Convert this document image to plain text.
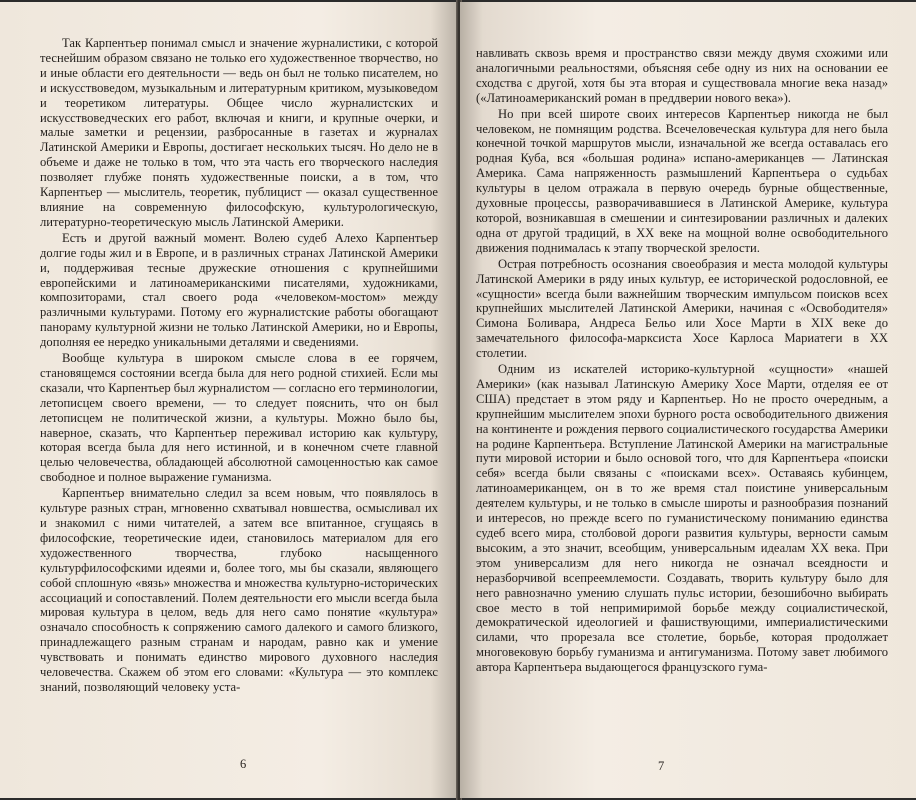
Так Карпентьер понимал смысл и значение журналистики, с которой теснейшим образом связано не только его художественное творчество, но и иные области его деятельности — ведь он был не только писателем, но и искусствоведом, музыкальным и литературным критиком, музыковедом и теоретиком литературы. Общее число журналистских и искусствоведческих его работ, включая и книги, и крупные очерки, и малые заметки и рецензии, разбросанные в газетах и журналах Латинской Америки и Европы, достигает нескольких тысяч. Но дело не в объеме и даже не только в том, что эта часть его творческого наследия позволяет глубже понять художественные поиски, а в том, что Карпентьер — мыслитель, теоретик, публицист — оказал существенное влияние на современную философскую, культурологическую, литературно-теоретическую мысль Латинской Америки.

Есть и другой важный момент. Волею судеб Алехо Карпентьер долгие годы жил и в Европе, и в различных странах Латинской Америки и, поддерживая тесные дружеские отношения с крупнейшими европейскими и латиноамериканскими писателями, художниками, композиторами, стал своего рода «человеком-мостом» между различными культурами. Потому его журналистские работы обогащают панораму культурной жизни не только Латинской Америки, но и Европы, дополняя ее нередко уникальными деталями и сведениями.

Вообще культура в широком смысле слова в ее горячем, становящемся состоянии всегда была для него родной стихией. Если мы сказали, что Карпентьер был журналистом — согласно его терминологии, летописцем своего времени, — то следует пояснить, что он был летописцем не политической жизни, а культуры. Можно было бы, наверное, сказать, что Карпентьер переживал историю как культуру, которая всегда была для него истинной, и в конечном счете главной целью человечества, обладающей абсолютной самоценностью как самое свободное и полное выражение гуманизма.

Карпентьер внимательно следил за всем новым, что появлялось в культуре разных стран, мгновенно схватывал новшества, осмысливал их и знакомил с ними читателей, а затем все впитанное, сгущаясь в философские, теоретические идеи, становилось материалом для его художественного творчества, глубоко насыщенного культурфилософскими идеями и, более того, мы бы сказали, являющего собой сплошную «вязь» множества и множества культурно-исторических ассоциаций и сопоставлений. Полем деятельности его мысли всегда была мировая культура в целом, ведь для него само понятие «культура» означало способность к сопряжению самого далекого и самого близкого, принадлежащего разным странам и народам, равно как и умение чувствовать и понимать единство мирового духовного наследия человечества. Скажем об этом его словами: «Культура — это комплекс знаний, позволяющий человеку уста-

6

навливать сквозь время и пространство связи между двумя схожими или аналогичными реальностями, объясняя себе одну из них на основании ее сходства с другой, хотя бы эта вторая и существовала многие века назад» («Латиноамериканский роман в преддверии нового века»).

Но при всей широте своих интересов Карпентьер никогда не был человеком, не помнящим родства. Всечеловеческая культура для него была конечной точкой маршрутов мысли, изначальной же всегда оставалась его родная Куба, вся «большая родина» испано-американцев — Латинская Америка. Сама напряженность размышлений Карпентьера о судьбах культуры в целом отражала в первую очередь бурные общественные, духовные процессы, разворачивавшиеся в Латинской Америке, культура которой, возникавшая в смешении и синтезировании различных и далеких одна от другой традиций, в XX веке на мощной волне освободительного движения поднималась к этапу творческой зрелости.

Острая потребность осознания своеобразия и места молодой культуры Латинской Америки в ряду иных культур, ее исторической родословной, ее «сущности» всегда были важнейшим творческим импульсом поисков всех крупнейших мыслителей Латинской Америки, начиная с «Освободителя» Симона Боливара, Андреса Бельо или Хосе Марти в XIX веке до замечательного философа-марксиста Хосе Карлоса Мариатеги в XX столетии.

Одним из искателей историко-культурной «сущности» «нашей Америки» (как называл Латинскую Америку Хосе Марти, отделяя ее от США) предстает в этом ряду и Карпентьер. Но не просто очередным, а крупнейшим мыслителем эпохи бурного роста освободительного движения на континенте и рождения первого социалистического государства Америки на родине Карпентьера. Вступление Латинской Америки на магистральные пути мировой истории и было основой того, что для Карпентьера «поиски себя» всегда были связаны с «поисками всех». Оставаясь кубинцем, латиноамериканцем, он в то же время стал поистине универсальным деятелем культуры, и не только в смысле широты и разнообразия познаний и интересов, но прежде всего по гуманистическому пониманию единства судеб всего мира, столбовой дороги развития культуры, верности самым высоким, а это значит, всеобщим, универсальным идеалам XX века. При этом универсализм для него никогда не означал всеядности и неразборчивой всепреемлемости. Создавать, творить культуру было для него равнозначно умению слушать пульс истории, безошибочно выбирать свое место в той непримиримой борьбе между социалистической, демократической идеологией и фашиствующими, империалистическими силами, что прорезала все столетие, борьбе, которая продолжает многовековую борьбу гуманизма и антигуманизма. Потому завет любимого автора Карпентьера выдающегося французского гума-

7
